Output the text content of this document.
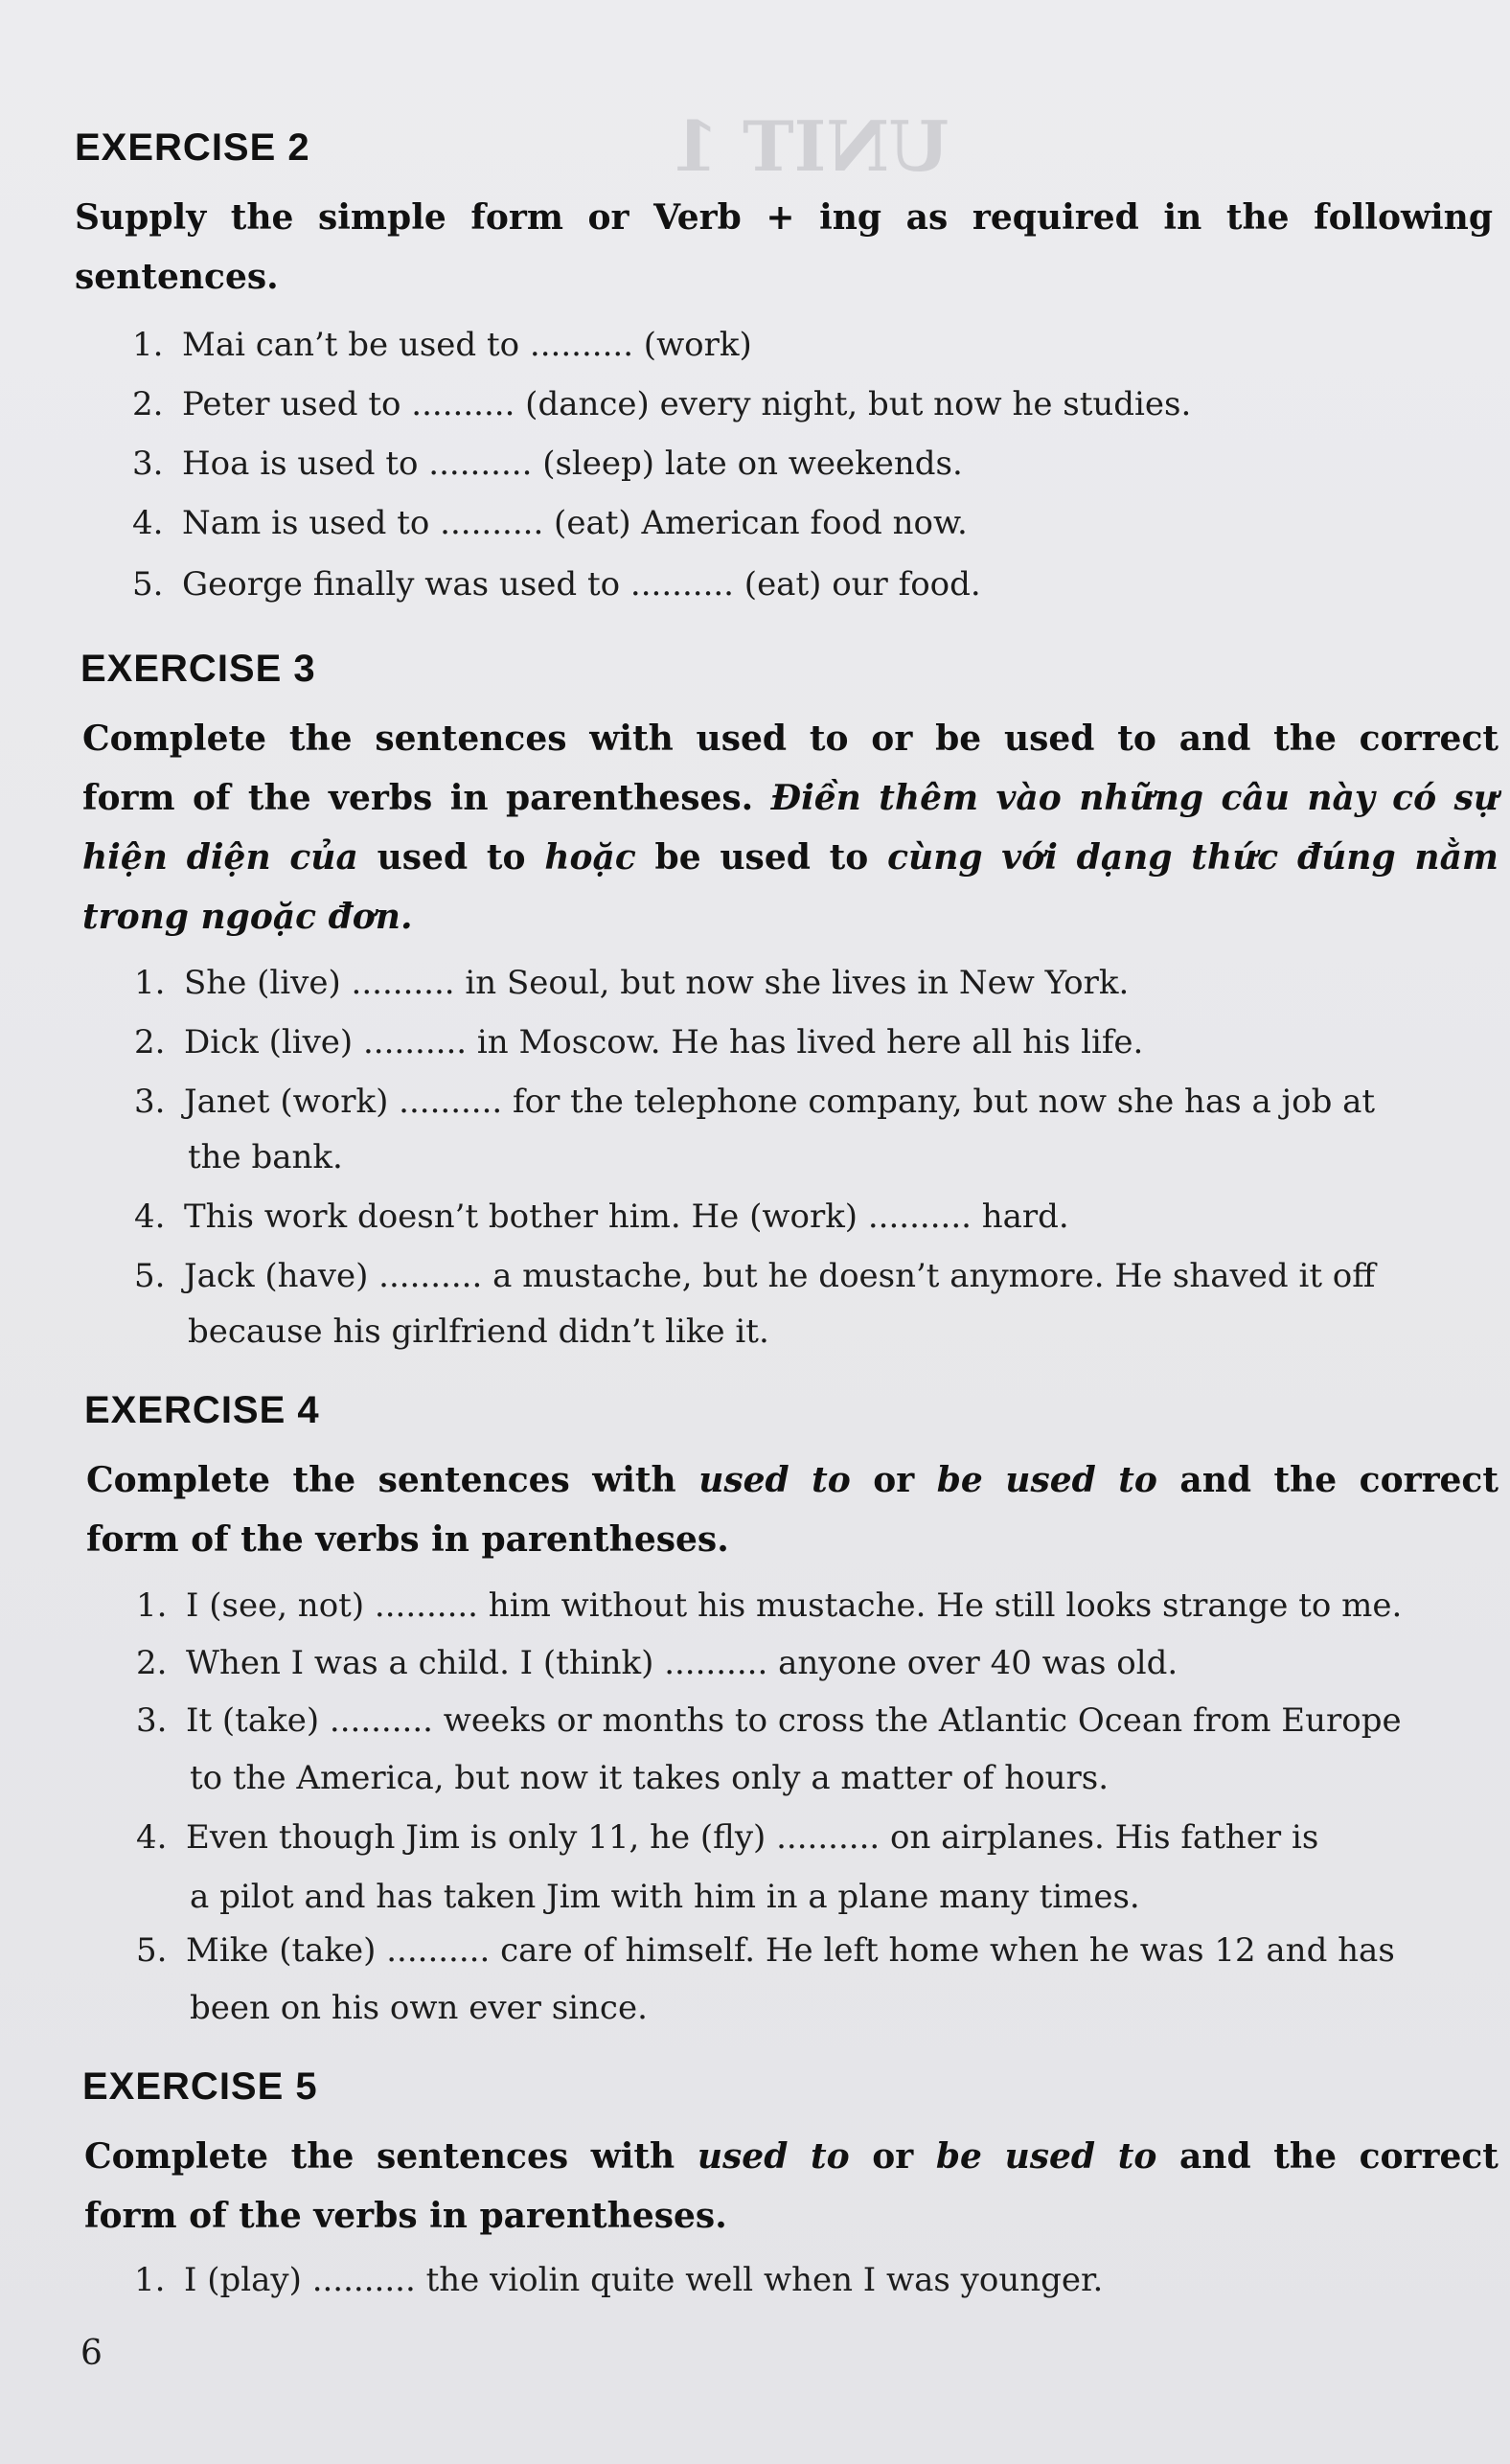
UNIT 1
EXERCISE 2
Supply the simple form or Verb + ing as required in the following
sentences.
1. Mai can’t be used to .......... (work)
2. Peter used to .......... (dance) every night, but now he studies.
3. Hoa is used to .......... (sleep) late on weekends.
4. Nam is used to .......... (eat) American food now.
5. George finally was used to .......... (eat) our food.
EXERCISE 3
Complete the sentences with used to or be used to and the correct
form of the verbs in parentheses. Điền thêm vào những câu này có sự
hiện diện của used to hoặc be used to cùng với dạng thức đúng nằm
trong ngoặc đơn.
1. She (live) .......... in Seoul, but now she lives in New York.
2. Dick (live) .......... in Moscow. He has lived here all his life.
3. Janet (work) .......... for the telephone company, but now she has a job at
the bank.
4. This work doesn’t bother him. He (work) .......... hard.
5. Jack (have) .......... a mustache, but he doesn’t anymore. He shaved it off
because his girlfriend didn’t like it.
EXERCISE 4
Complete the sentences with used to or be used to and the correct
form of the verbs in parentheses.
1. I (see, not) .......... him without his mustache. He still looks strange to me.
2. When I was a child. I (think) .......... anyone over 40 was old.
3. It (take) .......... weeks or months to cross the Atlantic Ocean from Europe
to the America, but now it takes only a matter of hours.
4. Even though Jim is only 11, he (fly) .......... on airplanes. His father is
a pilot and has taken Jim with him in a plane many times.
5. Mike (take) .......... care of himself. He left home when he was 12 and has
been on his own ever since.
EXERCISE 5
Complete the sentences with used to or be used to and the correct
form of the verbs in parentheses.
1. I (play) .......... the violin quite well when I was younger.
6
